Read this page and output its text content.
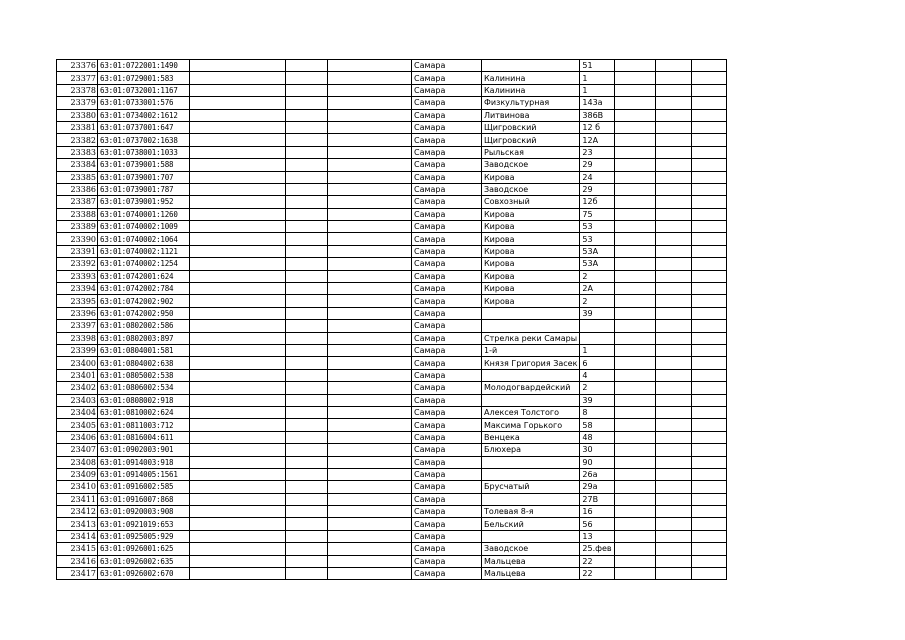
23376	63:01:0722001:1490				Самара		51			
23377	63:01:0729001:583				Самара	Калинина	1			
23378	63:01:0732001:1167				Самара	Калинина	1			
23379	63:01:0733001:576				Самара	Физкультурная	143а			
23380	63:01:0734002:1612				Самара	Литвинова	386В			
23381	63:01:0737001:647				Самара	Щигровский	12 б			
23382	63:01:0737002:1638				Самара	Щигровский	12А			
23383	63:01:0738001:1033				Самара	Рыльская	23			
23384	63:01:0739001:588				Самара	Заводское	29			
23385	63:01:0739001:707				Самара	Кирова	24			
23386	63:01:0739001:787				Самара	Заводское	29			
23387	63:01:0739001:952				Самара	Совхозный	12б			
23388	63:01:0740001:1260				Самара	Кирова	75			
23389	63:01:0740002:1009				Самара	Кирова	53			
23390	63:01:0740002:1064				Самара	Кирова	53			
23391	63:01:0740002:1121				Самара	Кирова	53А			
23392	63:01:0740002:1254				Самара	Кирова	53А			
23393	63:01:0742001:624				Самара	Кирова	2			
23394	63:01:0742002:784				Самара	Кирова	2А			
23395	63:01:0742002:902				Самара	Кирова	2			
23396	63:01:0742002:950				Самара		39			
23397	63:01:0802002:586				Самара					
23398	63:01:0802003:897				Самара	Стрелка реки Самары				
23399	63:01:0804001:581				Самара	1-й	1			
23400	63:01:0804002:638				Самара	Князя Григория Засек	6			
23401	63:01:0805002:538				Самара		4			
23402	63:01:0806002:534				Самара	Молодогвардейский	2			
23403	63:01:0808002:918				Самара		39			
23404	63:01:0810002:624				Самара	Алексея Толстого	8			
23405	63:01:0811003:712				Самара	Максима Горького	58			
23406	63:01:0816004:611				Самара	Венцека	48			
23407	63:01:0902003:901				Самара	Блюхера	30			
23408	63:01:0914003:918				Самара		90			
23409	63:01:0914005:1561				Самара		26а			
23410	63:01:0916002:585				Самара	Брусчатый	29а			
23411	63:01:0916007:868				Самара		27В			
23412	63:01:0920003:908				Самара	Толевая 8-я	16			
23413	63:01:0921019:653				Самара	Бельский	56			
23414	63:01:0925005:929				Самара		13			
23415	63:01:0926001:625				Самара	Заводское	25.фев			
23416	63:01:0926002:635				Самара	Мальцева	22			
23417	63:01:0926002:670				Самара	Мальцева	22			
